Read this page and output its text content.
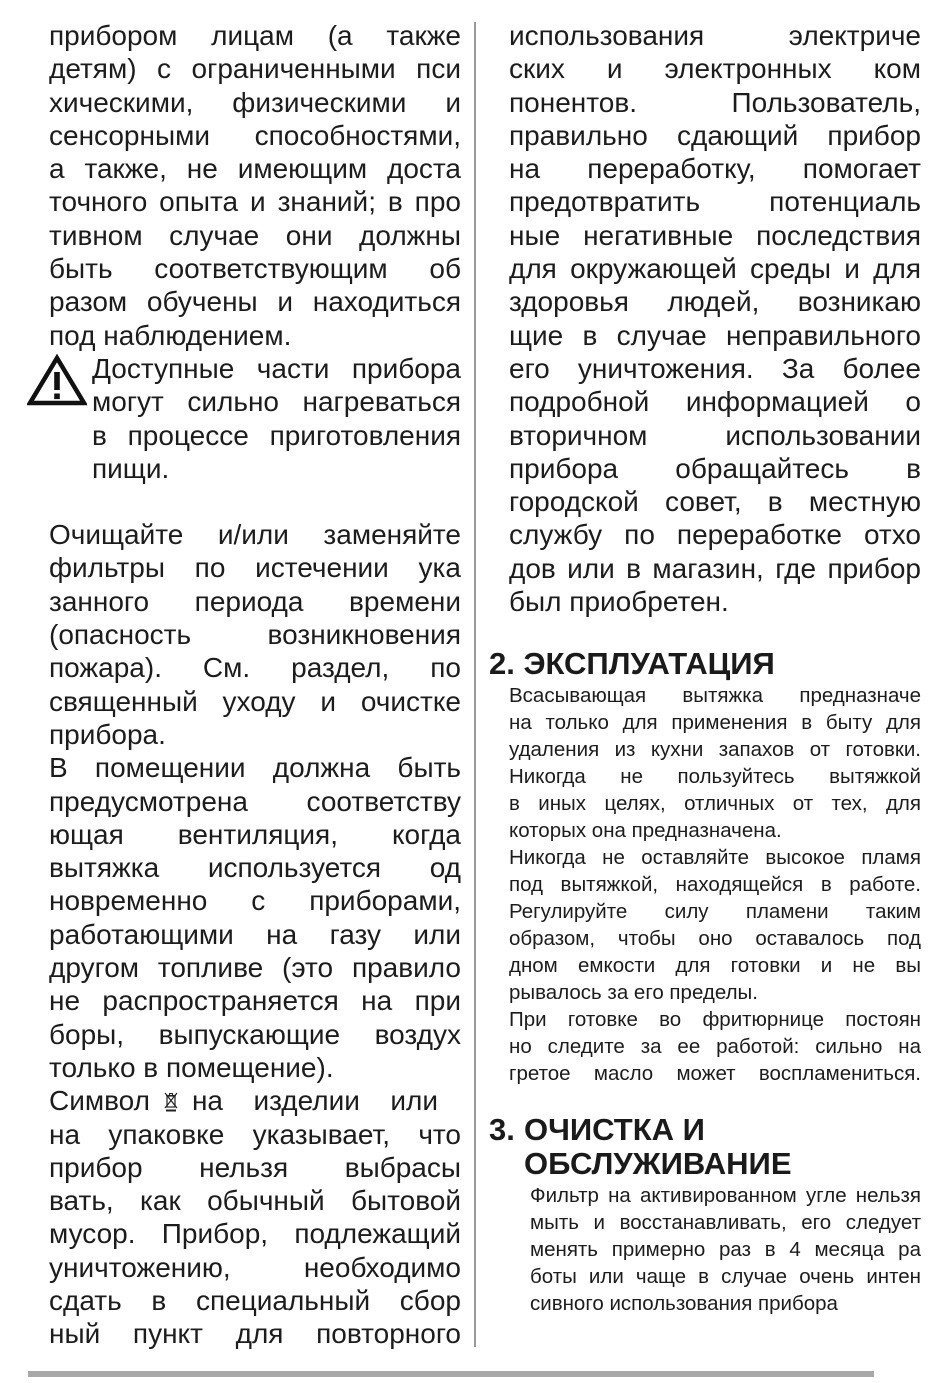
прибором лицам (а также
детям) с ограниченными пси
хическими, физическими и
сенсорными способностями,
а также, не имеющим доста
точного опыта и знаний; в про
тивном случае они должны
быть соответствующим об
разом обучены и находиться
под наблюдением.
Доступные части прибора
могут сильно нагреваться
в процессе приготовления
пищи.
Очищайте и/или заменяйте
фильтры по истечении ука
занного периода времени
(опасность возникновения
пожара). См. раздел, по
священный уходу и очистке
прибора.
В помещении должна быть
предусмотрена соответству
ющая вентиляция, когда
вытяжка используется од
новременно с приборами,
работающими на газу или
другом топливе (это правило
не распространяется на при
боры, выпускающие воздух
только в помещение).
Символ на изделии или
на упаковке указывает, что
прибор нельзя выбрасы
вать, как обычный бытовой
мусор. Прибор, подлежащий
уничтожению, необходимо
сдать в специальный сбор
ный пункт для повторного
использования электриче
ских и электронных ком
понентов. Пользователь,
правильно сдающий прибор
на переработку, помогает
предотвратить потенциаль
ные негативные последствия
для окружающей среды и для
здоровья людей, возникаю
щие в случае неправильного
его уничтожения. За более
подробной информацией о
вторичном использовании
прибора обращайтесь в
городской совет, в местную
службу по переработке отхо
дов или в магазин, где прибор
был приобретен.
2. ЭКСПЛУАТАЦИЯ
Всасывающая вытяжка предназначе
на только для применения в быту для
удаления из кухни запахов от готовки.
Никогда не пользуйтесь вытяжкой
в иных целях, отличных от тех, для
которых она предназначена.
Никогда не оставляйте высокое пламя
под вытяжкой, находящейся в работе.
Регулируйте силу пламени таким
образом, чтобы оно оставалось под
дном емкости для готовки и не вы
рывалось за его пределы.
При готовке во фритюрнице постоян
но следите за ее работой: сильно на
гретое масло может воспламениться.
3. ОЧИСТКА И
ОБСЛУЖИВАНИЕ
Фильтр на активированном угле нельзя
мыть и восстанавливать, его следует
менять примерно раз в 4 месяца ра
боты или чаще в случае очень интен
сивного использования прибора
